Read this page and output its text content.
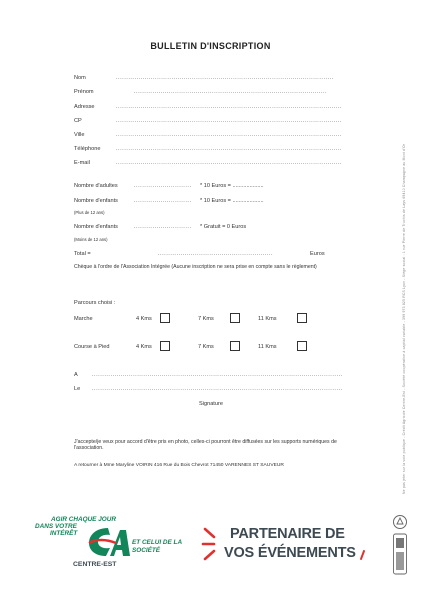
BULLETIN D'INSCRIPTION
Nom	..........................................................................................................
Prénom	..............................................................................................
Adresse	..............................................................................................................
CP	..............................................................................................................
Ville	..............................................................................................................
Téléphone	..............................................................................................................
E-mail	..............................................................................................................
Nombre d'adultes	............................	* 10 Euros = ....................
Nombre d'enfants	............................	* 10 Euros = ....................
(Plus de 12 ans)
Nombre d'enfants	............................	* Gratuit = 0 Euros
(Moins de 12 ans)
Total =	........................................................	Euros
Chèque à l'ordre de l'Association Intégrée (Aucune inscription ne sera prise en compte sans le règlement)
Parcours choisi :
Marche	4 Kms	7 Kms	11 Kms
Course à Pied	4 Kms	7 Kms	11 Kms
A	..........................................................................................................................
Le ..........................................................................................................................
Signature
J'accepte/je veux pour accord d'être pris en photo, celles-ci pourront être diffusées sur les supports numériques de l'association.
A retourner à Mme Maryline VOIRIN 416 Rue du Bois Chevrot 71450 VARENNES ST SAUVEUR
AGIR CHAQUE JOUR
DANS VOTRE
INTÉRÊT
ET CELUI DE LA
SOCIÉTÉ
CENTRE-EST
PARTENAIRE DE
VOS ÉVÉNEMENTS
Ne pas jeter sur la voie publique - Crédit Agricole Centre-Est - Société coopérative à capital variable - 399 973 825 RCS Lyon - Siège social : 1 rue Pierre de Truchis de Lays 69410 Champagne au Mont d'Or
